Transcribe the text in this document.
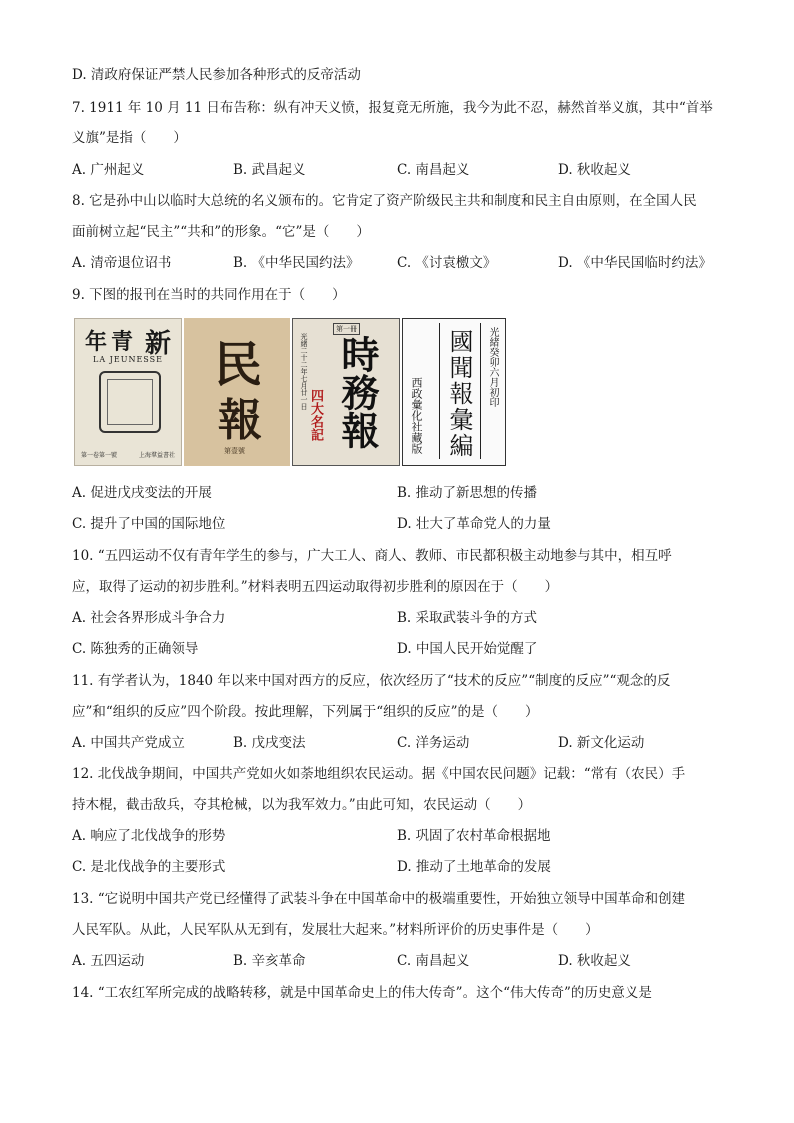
D. 清政府保证严禁人民参加各种形式的反帝活动
7. 1911 年 10 月 11 日布告称：纵有冲天义愤，报复竟无所施，我今为此不忍，赫然首举义旗，其中“首举
义旗”是指（　　）
A. 广州起义	B. 武昌起义	C. 南昌起义	D. 秋收起义
8. 它是孙中山以临时大总统的名义颁布的。它肯定了资产阶级民主共和制度和民主自由原则，在全国人民
面前树立起“民主”“共和”的形象。“它”是（　　）
A. 清帝退位诏书	B. 《中华民国约法》	C. 《讨袁檄文》	D. 《中华民国临时约法》
9. 下图的报刊在当时的共同作用在于（　　）
年青 新
LA JEUNESSE
第一卷第一號	上海羣益書社
民
報
第壹號
第一冊
時務報
光緒二十二年七月廿一日
四大名記	國聞報彙編 光緒癸卯六月初印
西政彙化社藏版
A. 促进戊戌变法的开展	B. 推动了新思想的传播
C. 提升了中国的国际地位	D. 壮大了革命党人的力量
10. “五四运动不仅有青年学生的参与，广大工人、商人、教师、市民都积极主动地参与其中，相互呼
应，取得了运动的初步胜利。”材料表明五四运动取得初步胜利的原因在于（　　）
A. 社会各界形成斗争合力	B. 采取武装斗争的方式
C. 陈独秀的正确领导	D. 中国人民开始觉醒了
11. 有学者认为，1840 年以来中国对西方的反应，依次经历了“技术的反应”“制度的反应”“观念的反
应”和“组织的反应”四个阶段。按此理解，下列属于“组织的反应”的是（　　）
A. 中国共产党成立	B. 戊戌变法	C. 洋务运动	D. 新文化运动
12. 北伐战争期间，中国共产党如火如荼地组织农民运动。据《中国农民问题》记载：“常有（农民）手
持木棍，截击敌兵，夺其枪械，以为我军效力。”由此可知，农民运动（　　）
A. 响应了北伐战争的形势	B. 巩固了农村革命根据地
C. 是北伐战争的主要形式	D. 推动了土地革命的发展
13. “它说明中国共产党已经懂得了武装斗争在中国革命中的极端重要性，开始独立领导中国革命和创建
人民军队。从此，人民军队从无到有，发展壮大起来。”材料所评价的历史事件是（　　）
A. 五四运动	B. 辛亥革命	C. 南昌起义	D. 秋收起义
14. “工农红军所完成的战略转移，就是中国革命史上的伟大传奇”。这个“伟大传奇”的历史意义是
